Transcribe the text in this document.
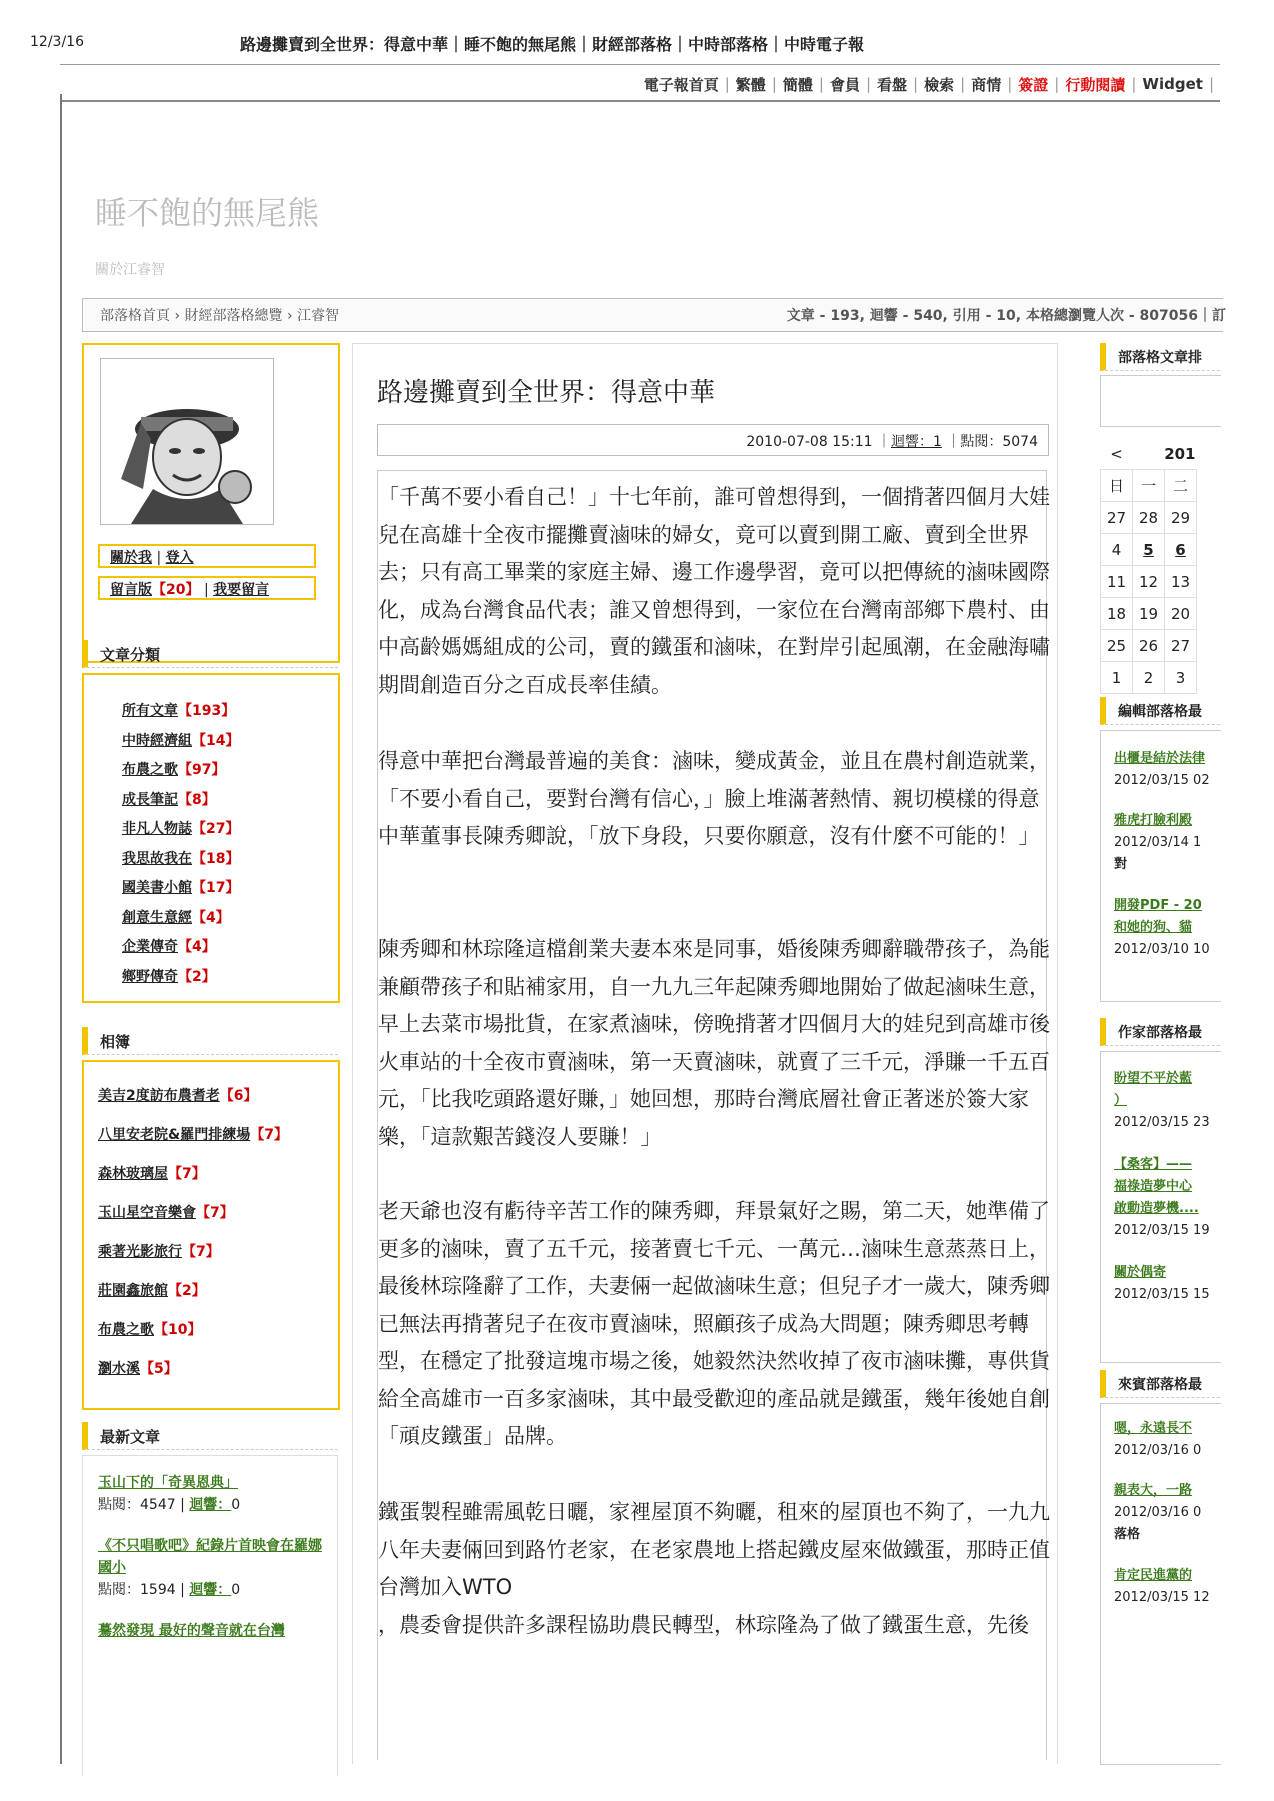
12/3/16	路邊攤賣到全世界：得意中華｜睡不飽的無尾熊｜財經部落格｜中時部落格｜中時電子報
電子報首頁 | 繁體 | 簡體 | 會員 | 看盤 | 檢索 | 商情 | 簽證 | 行動閱讀 | Widget |
睡不飽的無尾熊
關於江睿智
部落格首頁 › 財經部落格總覽 › 江睿智	文章 - 193, 迴響 - 540, 引用 - 10, 本格總瀏覽人次 - 807056｜訂
關於我 | 登入
留言版【20】 | 我要留言
文章分類
所有文章【193】
中時經濟組【14】
布農之歌【97】
成長筆記【8】
非凡人物誌【27】
我思故我在【18】
國美書小館【17】
創意生意經【4】
企業傳奇【4】
鄉野傳奇【2】
相簿
美吉2度訪布農耆老【6】
八里安老院&羅門排練場【7】
森林玻璃屋【7】
玉山星空音樂會【7】
乘著光影旅行【7】
莊園鑫旅館【2】
布農之歌【10】
瀏水溪【5】
最新文章
玉山下的「奇異恩典」
點閱：4547 | 迴響：0
《不只唱歌吧》紀錄片首映會在羅娜國小
點閱：1594 | 迴響：0
驀然發現 最好的聲音就在台灣
路邊攤賣到全世界：得意中華
2010-07-08 15:11 ｜迴響：1 ｜點閱：5074
「千萬不要小看自己！」十七年前，誰可曾想得到，一個揹著四個月大娃兒在高雄十全夜市擺攤賣滷味的婦女，竟可以賣到開工廠、賣到全世界去；只有高工畢業的家庭主婦、邊工作邊學習，竟可以把傳統的滷味國際化，成為台灣食品代表；誰又曾想得到，一家位在台灣南部鄉下農村、由中高齡媽媽組成的公司，賣的鐵蛋和滷味，在對岸引起風潮，在金融海嘯期間創造百分之百成長率佳績。
得意中華把台灣最普遍的美食：滷味，變成黃金，並且在農村創造就業，「不要小看自己，要對台灣有信心，」臉上堆滿著熱情、親切模樣的得意中華董事長陳秀卿說，「放下身段，只要你願意，沒有什麼不可能的！」
陳秀卿和林琮隆這檔創業夫妻本來是同事，婚後陳秀卿辭職帶孩子，為能兼顧帶孩子和貼補家用，自一九九三年起陳秀卿地開始了做起滷味生意，早上去菜市場批貨，在家煮滷味，傍晚揹著才四個月大的娃兒到高雄市後火車站的十全夜市賣滷味，第一天賣滷味，就賣了三千元，淨賺一千五百元，「比我吃頭路還好賺，」她回想，那時台灣底層社會正著迷於簽大家樂，「這款艱苦錢沒人要賺！」
老天爺也沒有虧待辛苦工作的陳秀卿，拜景氣好之賜，第二天，她準備了更多的滷味，賣了五千元，接著賣七千元、一萬元…滷味生意蒸蒸日上，最後林琮隆辭了工作，夫妻倆一起做滷味生意；但兒子才一歲大，陳秀卿已無法再揹著兒子在夜市賣滷味，照顧孩子成為大問題；陳秀卿思考轉型，在穩定了批發這塊市場之後，她毅然決然收掉了夜市滷味攤，專供貨給全高雄市一百多家滷味，其中最受歡迎的產品就是鐵蛋，幾年後她自創「頑皮鐵蛋」品牌。
鐵蛋製程雖需風乾日曬，家裡屋頂不夠曬，租來的屋頂也不夠了，一九九八年夫妻倆回到路竹老家，在老家農地上搭起鐵皮屋來做鐵蛋，那時正值台灣加入WTO
，農委會提供許多課程協助農民轉型，林琮隆為了做了鐵蛋生意，先後
部落格文章排
<	201	
日	一	二
27	28	29
4	5	6
11	12	13
18	19	20
25	26	27
1	2	3
編輯部落格最
出櫃是結於法律
2012/03/15 02
雅虎打臉利殿
2012/03/14 1
對
開發PDF - 20
和她的狗、貓
2012/03/10 10
作家部落格最
盼望不平於藍
）
2012/03/15 23
【桑客】——
福祿造夢中心
啟動造夢機....
2012/03/15 19
關於偶寄
2012/03/15 15
來賓部落格最
嗯，永遠長不
2012/03/16 0
親表大，一路
2012/03/16 0
落格
肯定民進黨的
2012/03/15 12
